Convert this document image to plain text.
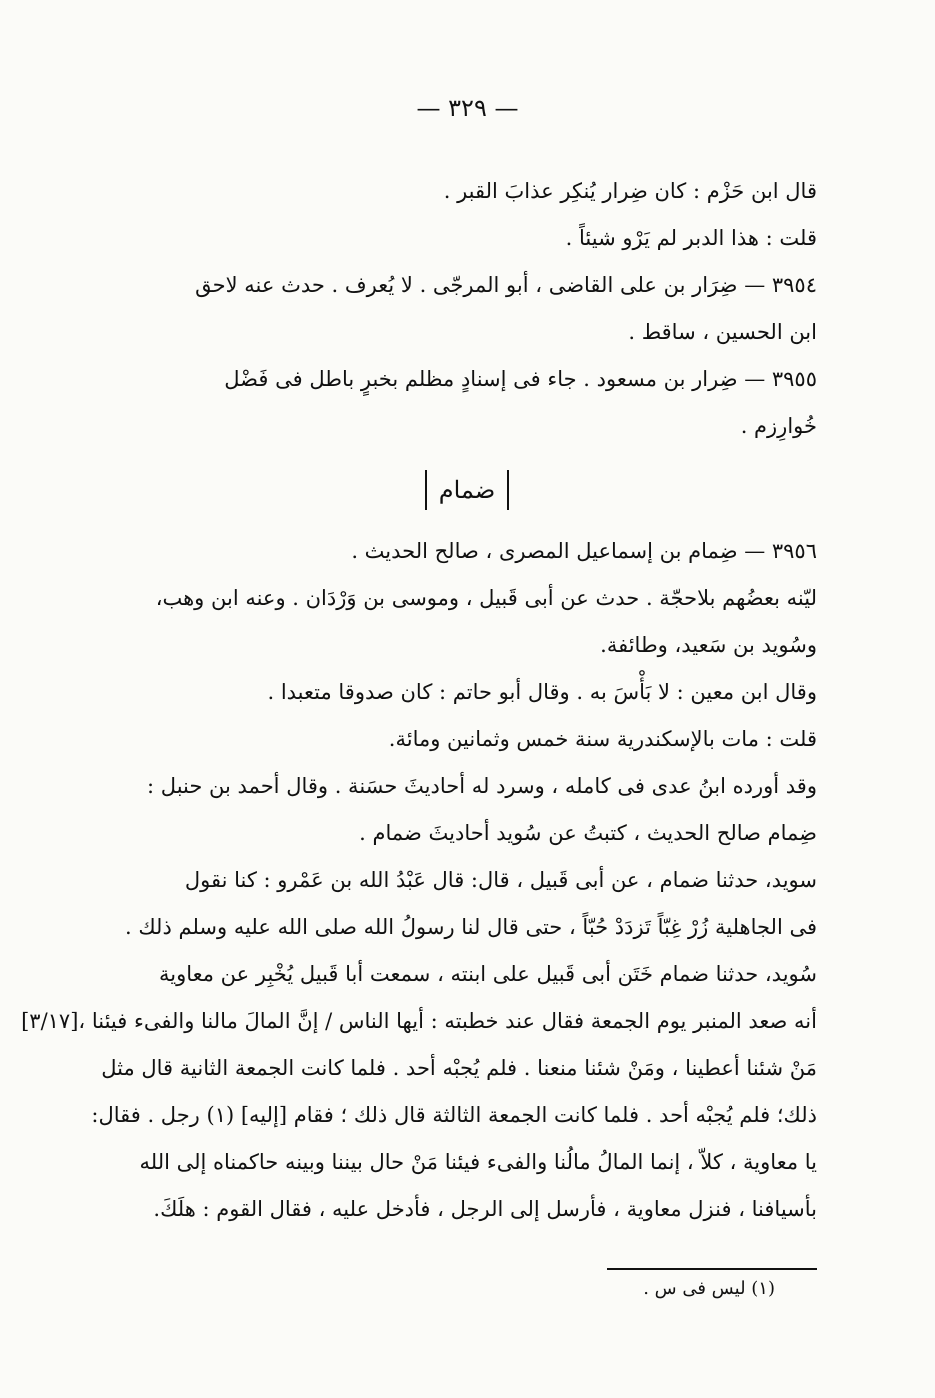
— ٣٢٩ —
قال ابن حَزْم : كان ضِرار يُنكِر عذابَ القبر .
قلت : هذا الدبر لم يَرْو شيئاً .
٣٩٥٤ — ضِرَار بن على القاضى ، أبو المرجّى . لا يُعرف . حدث عنه لاحق
ابن الحسين ، ساقط .
٣٩٥٥ — ضِرار بن مسعود . جاء فى إسنادٍ مظلم بخبرٍ باطل فى فَضْل
خُوارِزم .
ضمام
٣٩٥٦ — ضِمام بن إسماعيل المصرى ، صالح الحديث .
ليّنه بعضُهم بلاحجّة . حدث عن أبى قَبيل ، وموسى بن وَرْدَان . وعنه ابن وهب،
وسُويد بن سَعيد، وطائفة.
وقال ابن معين : لا بَأْسَ به . وقال أبو حاتم : كان صدوقا متعبدا .
قلت : مات بالإسكندرية سنة خمس وثمانين ومائة.
وقد أورده ابنُ عدى فى كامله ، وسرد له أحاديثَ حسَنة . وقال أحمد بن حنبل :
ضِمام صالح الحديث ، كتبتُ عن سُويد أحاديثَ ضمام .
سويد، حدثنا ضمام ، عن أبى قَبيل ، قال: قال عَبْدُ الله بن عَمْرو : كنا نقول
فى الجاهلية زُرْ غِبّاً تَزدَدْ حُبّاً ، حتى قال لنا رسولُ الله صلى الله عليه وسلم ذلك .
سُويد، حدثنا ضمام خَتَن أبى قَبيل على ابنته ، سمعت أبا قَبيل يُخْبِر عن معاوية
أنه صعد المنبر يوم الجمعة فقال عند خطبته : أيها الناس / إنَّ المالَ مالنا والفىء فيئنا ،[٣/١٧]
مَنْ شئنا أعطينا ، ومَنْ شئنا منعنا . فلم يُجبْه أحد . فلما كانت الجمعة الثانية قال مثل
ذلك؛ فلم يُجبْه أحد . فلما كانت الجمعة الثالثة قال ذلك ؛ فقام [إليه] (١) رجل . فقال:
يا معاوية ، كلاّ ، إنما المالُ مالُنا والفىء فيئنا مَنْ حال بيننا وبينه حاكمناه إلى الله
بأسيافنا ، فنزل معاوية ، فأرسل إلى الرجل ، فأدخل عليه ، فقال القوم : هلَكَ.
(١) ليس فى س .
